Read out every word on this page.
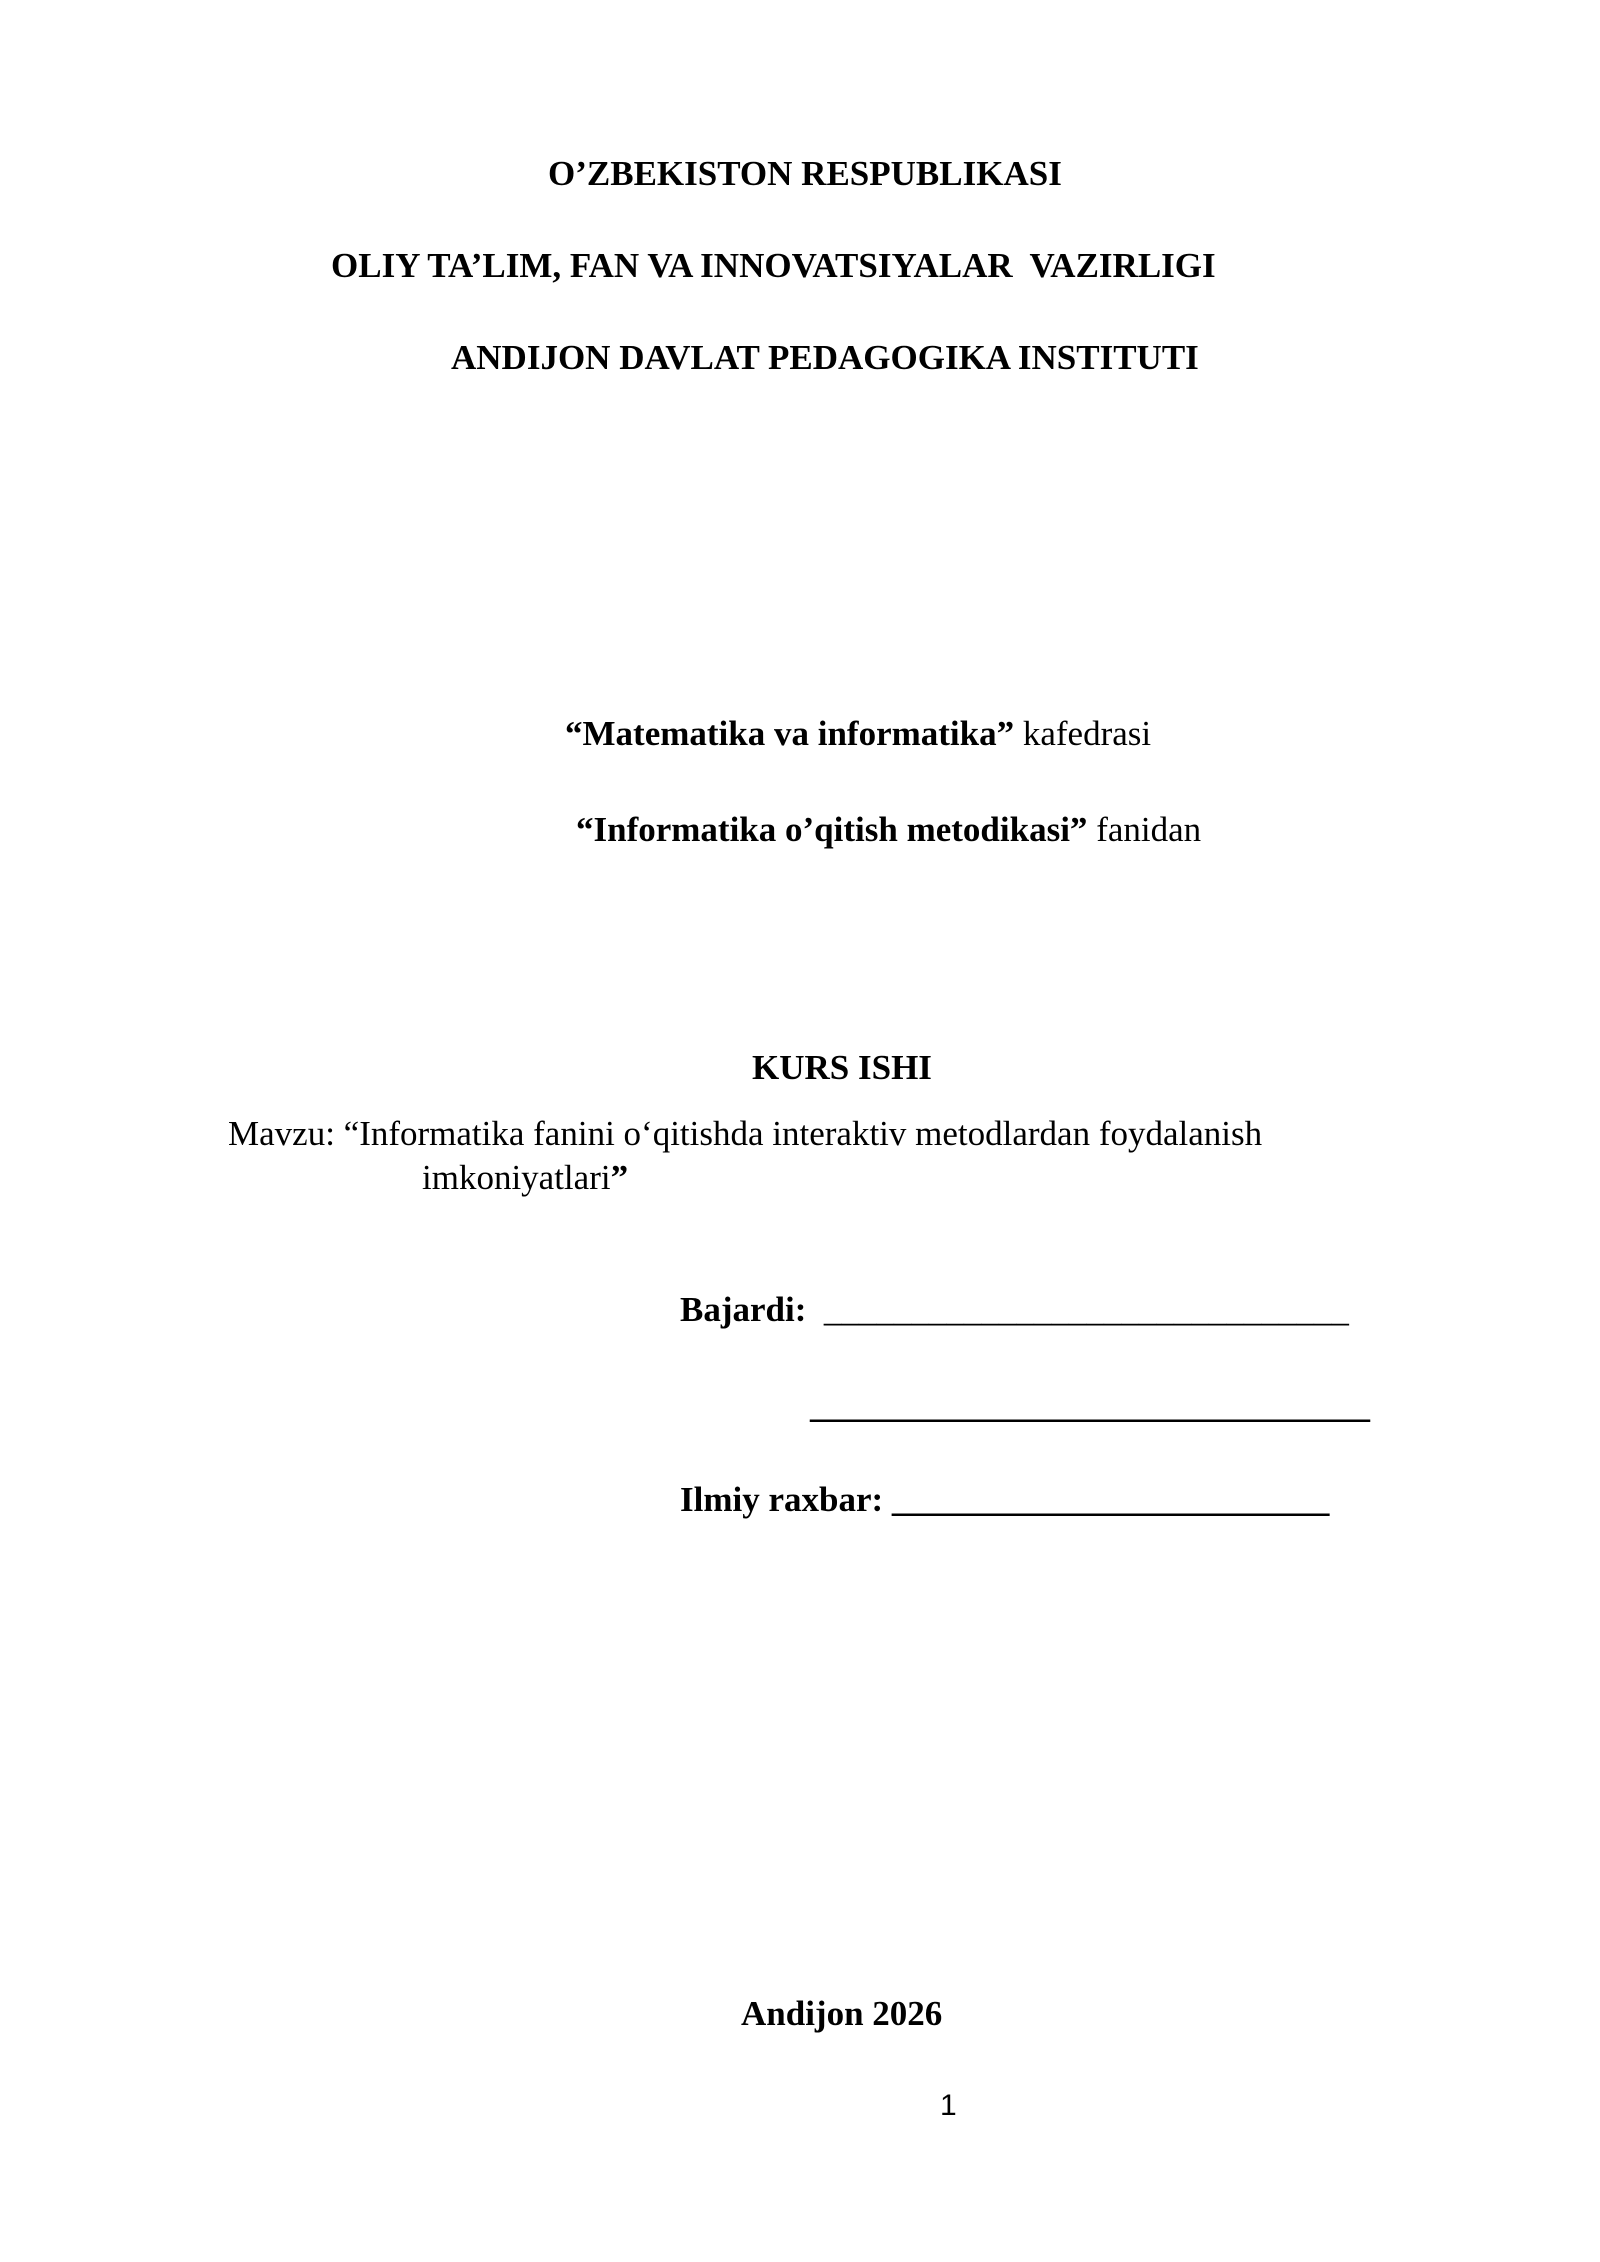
O’ZBEKISTON RESPUBLIKASI
OLIY TA’LIM, FAN VA INNOVATSIYALAR  VAZIRLIGI
ANDIJON DAVLAT PEDAGOGIKA INSTITUTI
“Matematika va informatika” kafedrasi
“Informatika o’qitish metodikasi” fanidan
KURS ISHI
Mavzu: “Informatika fanini o‘qitishda interaktiv metodlardan foydalanish
imkoniyatlari”
Bajardi: ______________________________
________________________________
Ilmiy raxbar: _________________________
Andijon 2026
1
